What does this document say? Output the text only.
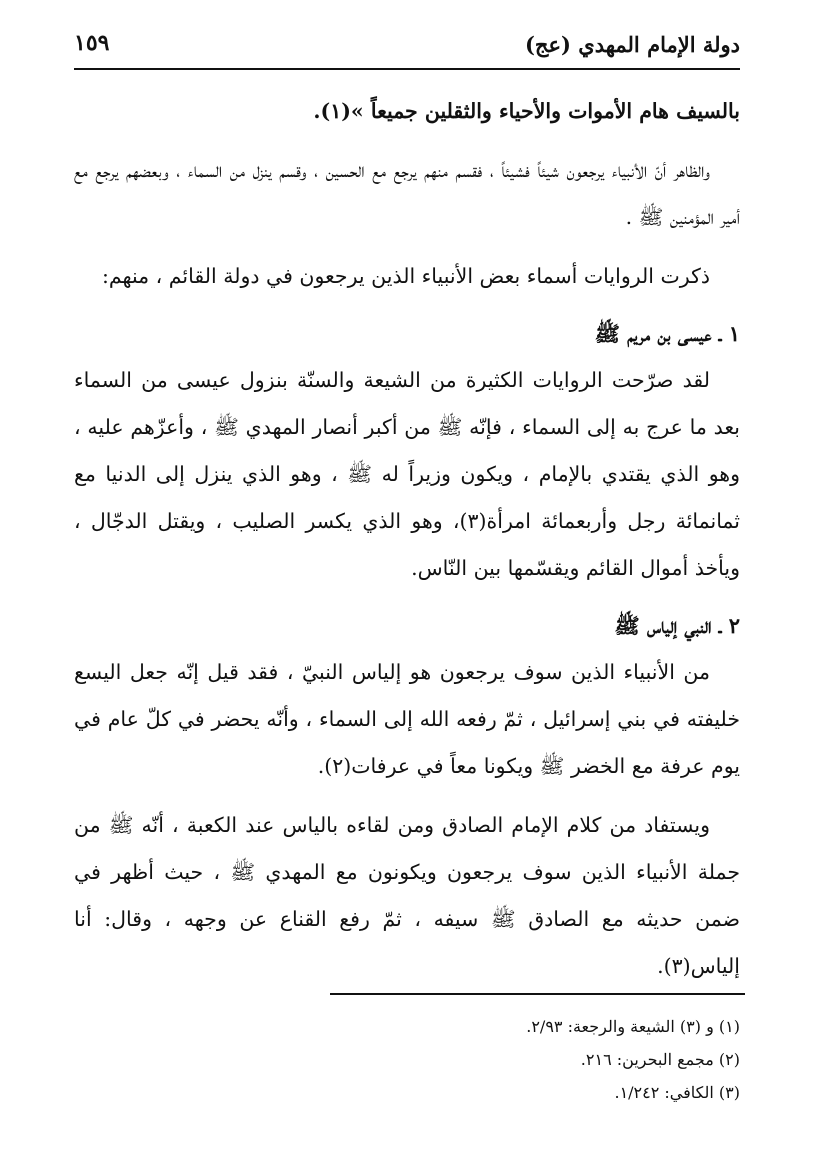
دولة الإمام المهدي (عج)
١٥٩

بالسيف هام الأموات والأحياء والثقلين جميعاً »(١).

والظاهر أنّ الأنبياء يرجعون شيئاً فشيئاً ، فقسم منهم يرجع مع الحسين ، وقسم ينزل من السماء ، وبعضهم يرجع مع أمير المؤمنين ﷺ .

ذكرت الروايات أسماء بعض الأنبياء الذين يرجعون في دولة القائم ، منهم:

١ ـ عيسى بن مريم ﷺ

لقد صرّحت الروايات الكثيرة من الشيعة والسنّة بنزول عيسى من السماء بعد ما عرج به إلى السماء ، فإنّه ﷺ من أكبر أنصار المهدي ﷺ ، وأعزّهم عليه ، وهو الذي يقتدي بالإمام ، ويكون وزيراً له ﷺ ، وهو الذي ينزل إلى الدنيا مع ثمانمائة رجل وأربعمائة امرأة(٣)، وهو الذي يكسر الصليب ، ويقتل الدجّال ، ويأخذ أموال القائم ويقسّمها بين النّاس.

٢ ـ النبي إلياس ﷺ

من الأنبياء الذين سوف يرجعون هو إلياس النبيّ ، فقد قيل إنّه جعل اليسع خليفته في بني إسرائيل ، ثمّ رفعه الله إلى السماء ، وأنّه يحضر في كلّ عام في يوم عرفة مع الخضر ﷺ ويكونا معاً في عرفات(٢).

ويستفاد من كلام الإمام الصادق ومن لقاءه بالياس عند الكعبة ، أنّه ﷺ من جملة الأنبياء الذين سوف يرجعون ويكونون مع المهدي ﷺ ، حيث أظهر في ضمن حديثه مع الصادق ﷺ سيفه ، ثمّ رفع القناع عن وجهه ، وقال: أنا إلياس(٣).

(١) و (٣) الشيعة والرجعة: ٢/٩٣.
(٢) مجمع البحرين: ٢١٦.
(٣) الكافي: ١/٢٤٢.
